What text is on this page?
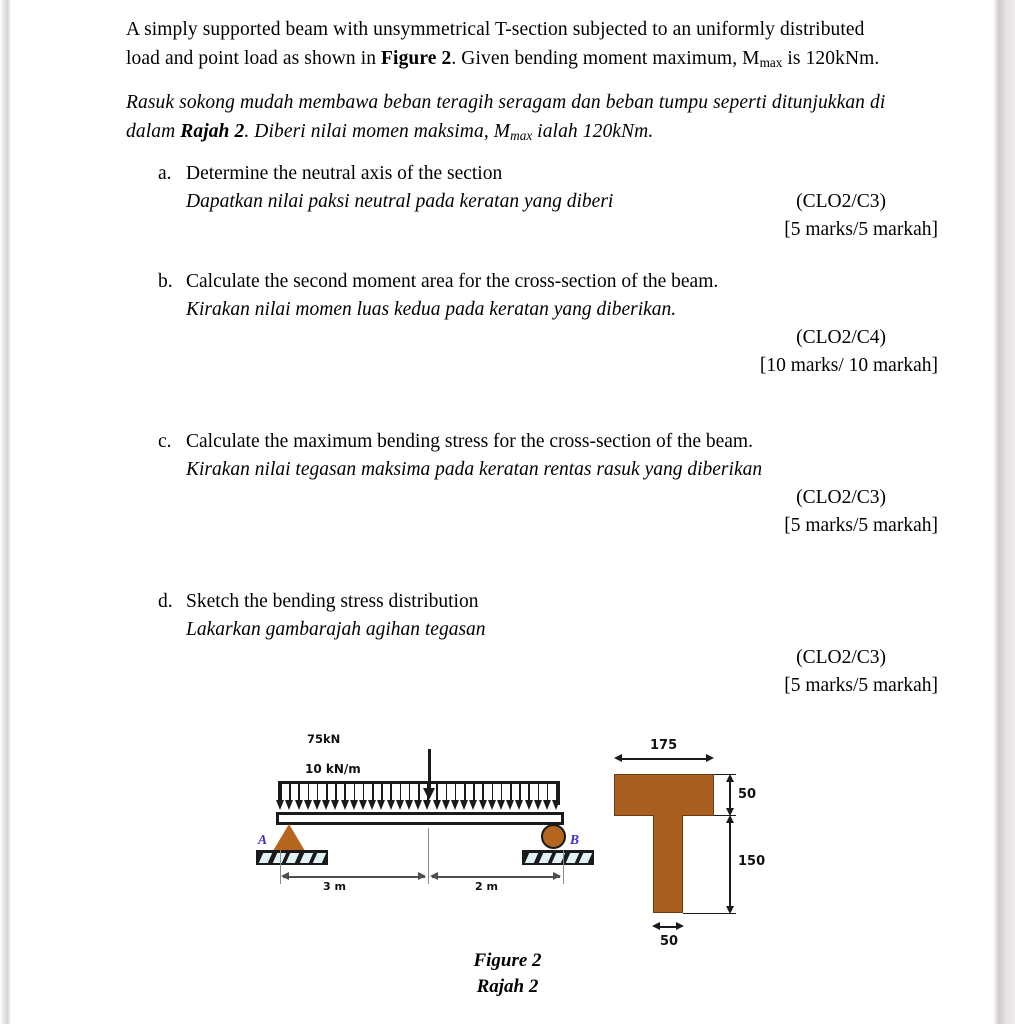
A simply supported beam with unsymmetrical T-section subjected to an uniformly distributed load and point load as shown in Figure 2. Given bending moment maximum, $M_{max}$ is 120kNm.
Rasuk sokong mudah membawa beban teragih seragam dan beban tumpu seperti ditunjukkan di dalam Rajah 2. Diberi nilai momen maksima, $M_{max}$ ialah 120kNm.
a. Determine the neutral axis of the section
Dapatkan nilai paksi neutral pada keratan yang diberi	(CLO2/C3)
[5 marks/5 markah]
b. Calculate the second moment area for the cross-section of the beam.
Kirakan nilai momen luas kedua pada keratan yang diberikan.
(CLO2/C4)
[10 marks/ 10 markah]
c. Calculate the maximum bending stress for the cross-section of the beam.
Kirakan nilai tegasan maksima pada keratan rentas rasuk yang diberikan
(CLO2/C3)
[5 marks/5 markah]
d. Sketch the bending stress distribution
Lakarkan gambarajah agihan tegasan
(CLO2/C3)
[5 marks/5 markah]
75kN
10 kN/m
A	B
3 m	2 m
175
50
150
50
Figure 2
Rajah 2
